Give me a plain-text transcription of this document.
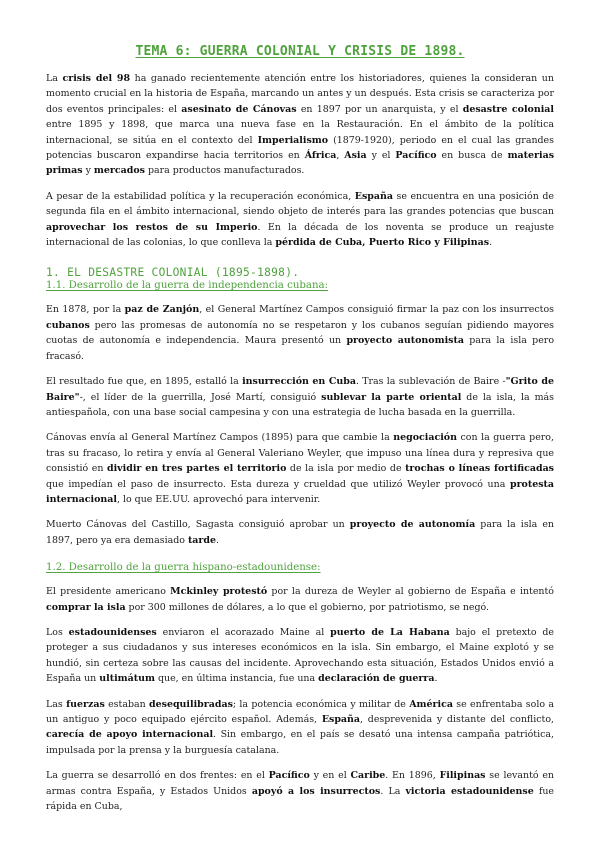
TEMA 6: GUERRA COLONIAL Y CRISIS DE 1898.

La crisis del 98 ha ganado recientemente atención entre los historiadores, quienes la consideran un momento crucial en la historia de España, marcando un antes y un después. Esta crisis se caracteriza por dos eventos principales: el asesinato de Cánovas en 1897 por un anarquista, y el desastre colonial entre 1895 y 1898, que marca una nueva fase en la Restauración. En el ámbito de la política internacional, se sitúa en el contexto del Imperialismo (1879-1920), periodo en el cual las grandes potencias buscaron expandirse hacia territorios en África, Asia y el Pacífico en busca de materias primas y mercados para productos manufacturados.

A pesar de la estabilidad política y la recuperación económica, España se encuentra en una posición de segunda fila en el ámbito internacional, siendo objeto de interés para las grandes potencias que buscan aprovechar los restos de su Imperio. En la década de los noventa se produce un reajuste internacional de las colonias, lo que conlleva la pérdida de Cuba, Puerto Rico y Filipinas.

1. EL DESASTRE COLONIAL (1895-1898).
1.1. Desarrollo de la guerra de independencia cubana:

En 1878, por la paz de Zanjón, el General Martínez Campos consiguió firmar la paz con los insurrectos cubanos pero las promesas de autonomía no se respetaron y los cubanos seguían pidiendo mayores cuotas de autonomía e independencia. Maura presentó un proyecto autonomista para la isla pero fracasó.

El resultado fue que, en 1895, estalló la insurrección en Cuba. Tras la sublevación de Baire -"Grito de Baire"-, el líder de la guerrilla, José Martí, consiguió sublevar la parte oriental de la isla, la más antiespañola, con una base social campesina y con una estrategia de lucha basada en la guerrilla.

Cánovas envía al General Martínez Campos (1895) para que cambie la negociación con la guerra pero, tras su fracaso, lo retira y envía al General Valeriano Weyler, que impuso una línea dura y represiva que consistió en dividir en tres partes el territorio de la isla por medio de trochas o líneas fortificadas que impedían el paso de insurrecto. Esta dureza y crueldad que utilizó Weyler provocó una protesta internacional, lo que EE.UU. aprovechó para intervenir.

Muerto Cánovas del Castillo, Sagasta consiguió aprobar un proyecto de autonomía para la isla en 1897, pero ya era demasiado tarde.

1.2. Desarrollo de la guerra hispano-estadounidense:

El presidente americano Mckinley protestó por la dureza de Weyler al gobierno de España e intentó comprar la isla por 300 millones de dólares, a lo que el gobierno, por patriotismo, se negó.

Los estadounidenses enviaron el acorazado Maine al puerto de La Habana bajo el pretexto de proteger a sus ciudadanos y sus intereses económicos en la isla. Sin embargo, el Maine explotó y se hundió, sin certeza sobre las causas del incidente. Aprovechando esta situación, Estados Unidos envió a España un ultimátum que, en última instancia, fue una declaración de guerra.

Las fuerzas estaban desequilibradas; la potencia económica y militar de América se enfrentaba solo a un antiguo y poco equipado ejército español. Además, España, desprevenida y distante del conflicto, carecía de apoyo internacional. Sin embargo, en el país se desató una intensa campaña patriótica, impulsada por la prensa y la burguesía catalana.

La guerra se desarrolló en dos frentes: en el Pacífico y en el Caribe. En 1896, Filipinas se levantó en armas contra España, y Estados Unidos apoyó a los insurrectos. La victoria estadounidense fue rápida en Cuba,
